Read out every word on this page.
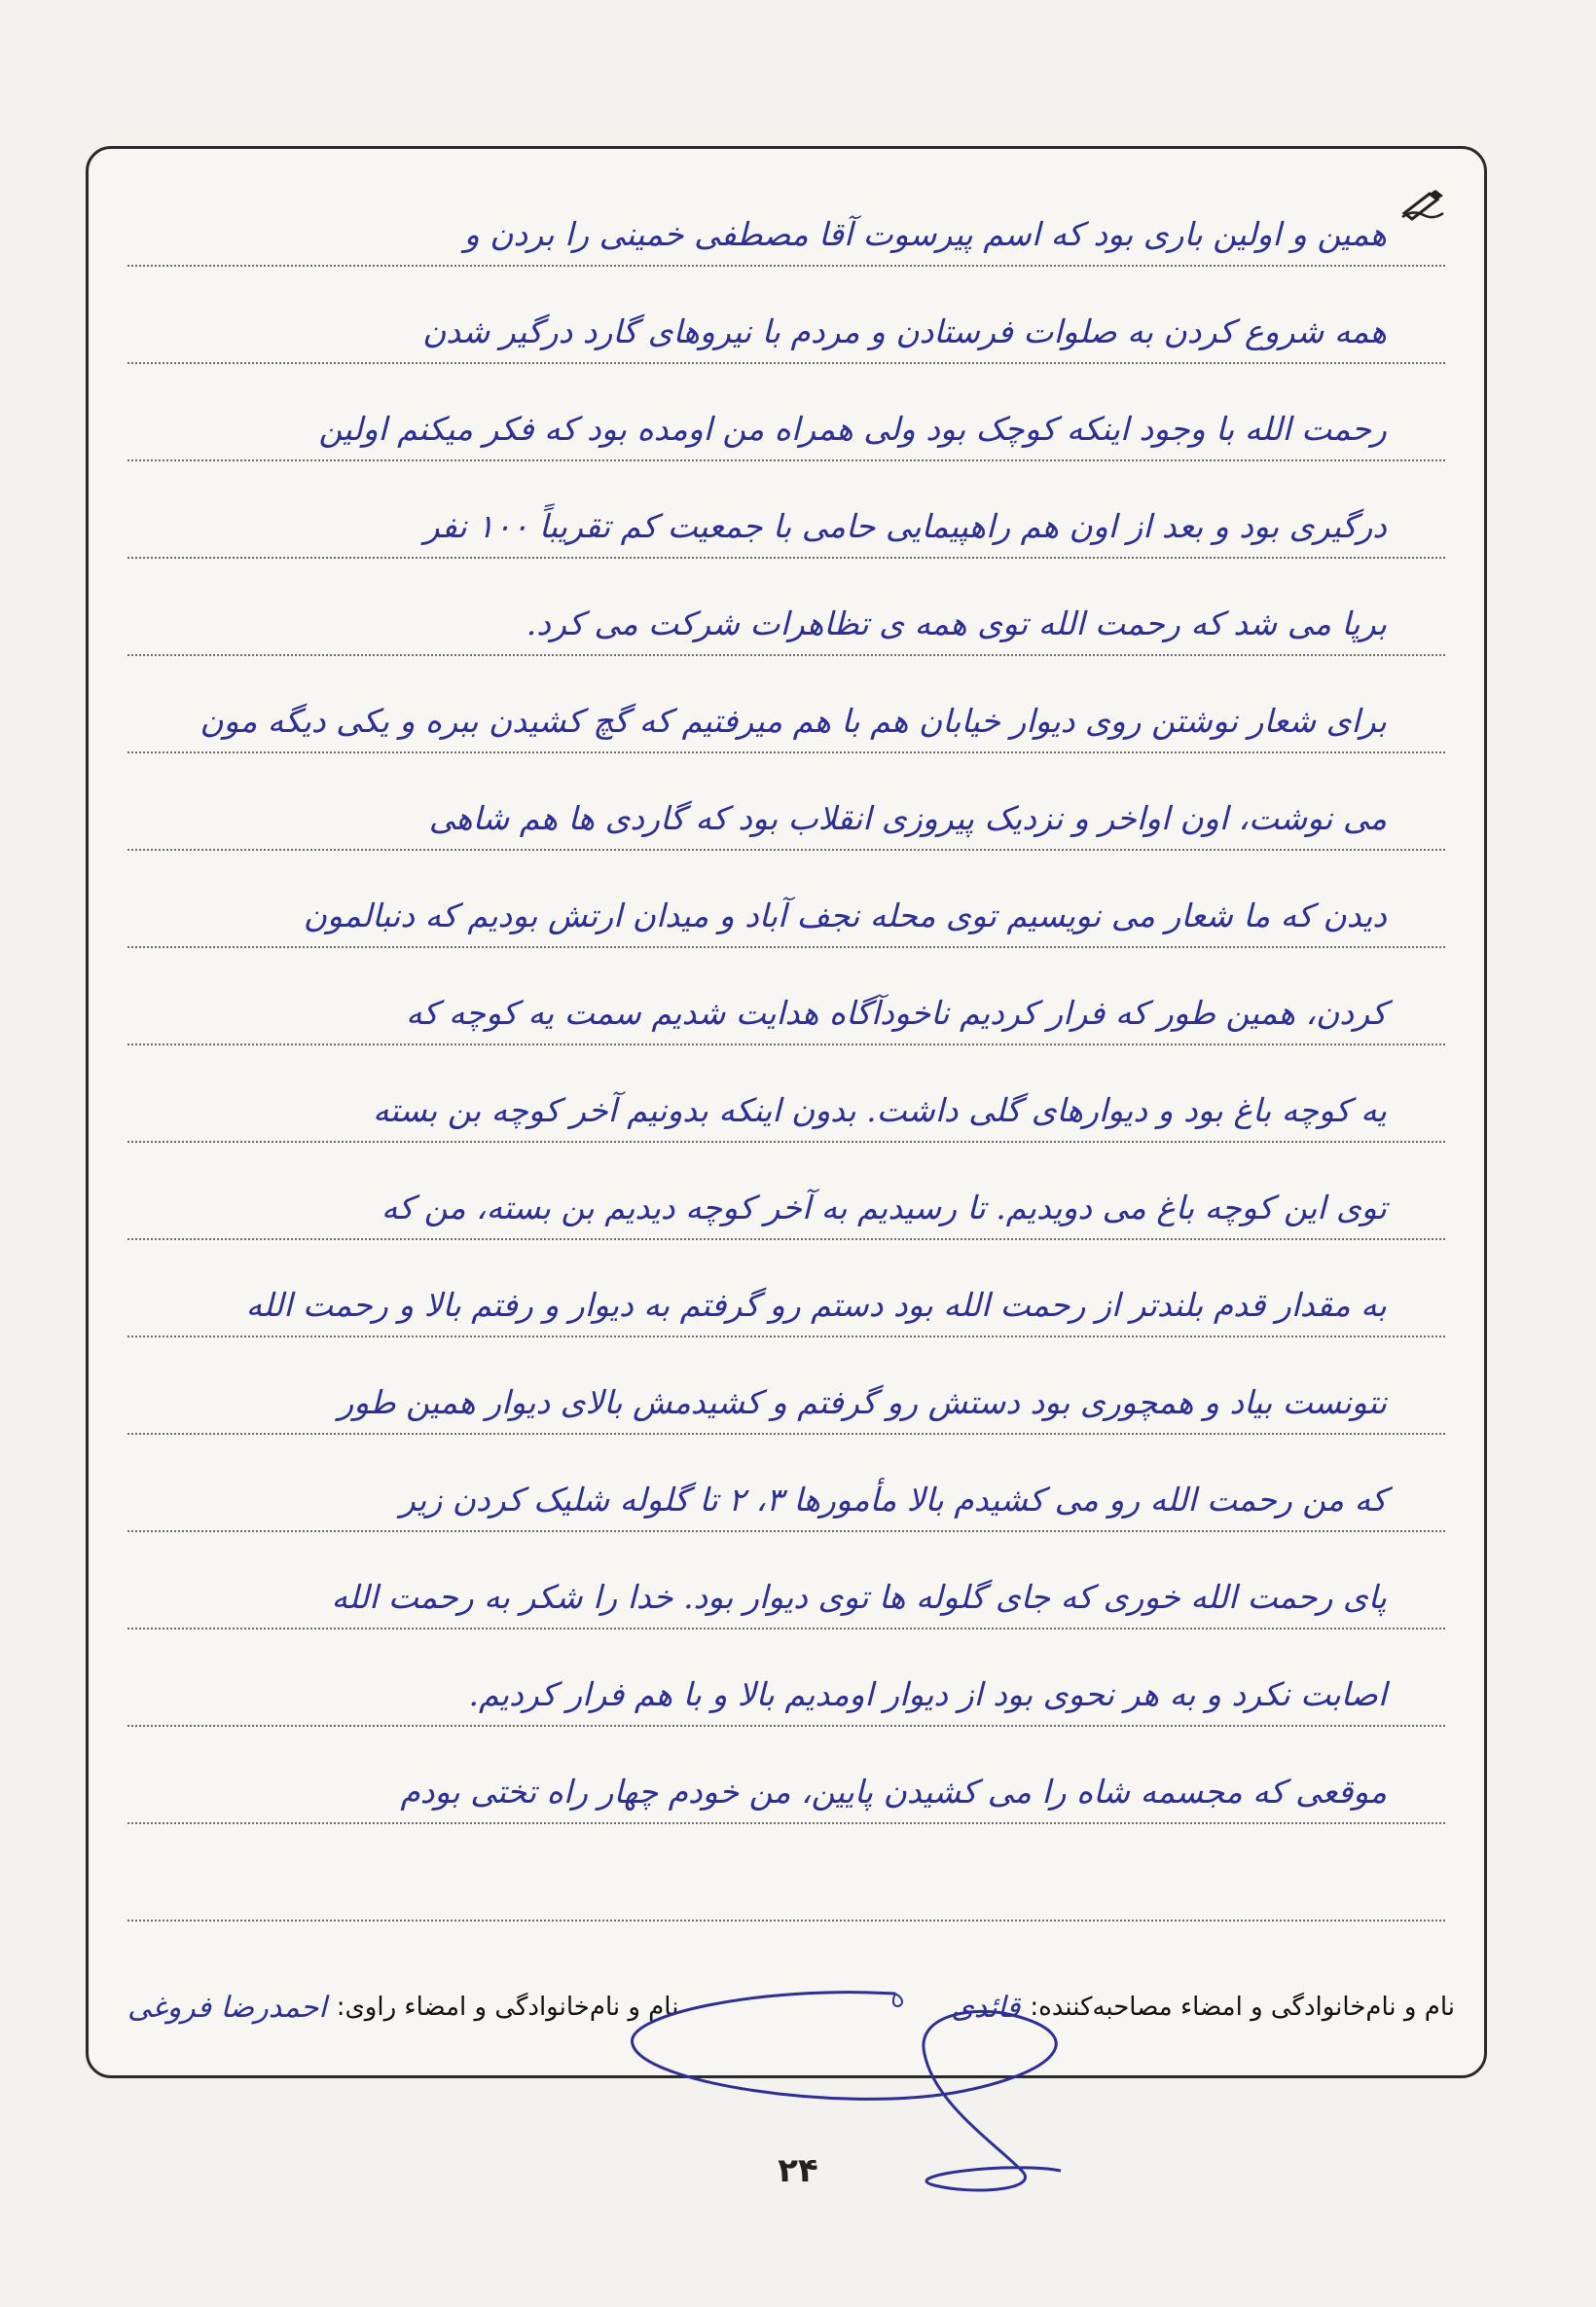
همین و اولین باری بود که اسم پیرسوت آقا مصطفی خمینی را بردن و
همه شروع کردن به صلوات فرستادن و مردم با نیروهای گارد درگیر شدن
رحمت الله با وجود اینکه کوچک بود ولی همراه من اومده بود که فکر میکنم اولین
درگیری بود و بعد از اون هم راهپیمایی حامی با جمعیت کم تقریباً ۱۰۰ نفر
برپا می شد که رحمت الله توی همه ی تظاهرات شرکت می کرد.
برای شعار نوشتن روی دیوار خیابان هم با هم میرفتیم که گچ کشیدن ببره و یکی دیگه مون
می نوشت، اون اواخر و نزدیک پیروزی انقلاب بود که گاردی ها هم شاهی
دیدن که ما شعار می نویسیم توی محله نجف آباد و میدان ارتش بودیم که دنبالمون
کردن، همین طور که فرار کردیم ناخودآگاه هدایت شدیم سمت یه کوچه که
یه کوچه باغ بود و دیوارهای گلی داشت. بدون اینکه بدونیم آخر کوچه بن بسته
توی این کوچه باغ می دویدیم. تا رسیدیم به آخر کوچه دیدیم بن بسته، من که
به مقدار قدم بلندتر از رحمت الله بود دستم رو گرفتم به دیوار و رفتم بالا و رحمت الله
نتونست بیاد و همچوری بود دستش رو گرفتم و کشیدمش بالای دیوار همین طور
که من رحمت الله رو می کشیدم بالا مأمورها ۳، ۲ تا گلوله شلیک کردن زیر
پای رحمت الله خوری که جای گلوله ها توی دیوار بود. خدا را شکر به رحمت الله
اصابت نکرد و به هر نحوی بود از دیوار اومدیم بالا و با هم فرار کردیم.
موقعی که مجسمه شاه را می کشیدن پایین، من خودم چهار راه تختی بودم
نام و نام‌خانوادگی و امضاء مصاحبه‌کننده:
قائدی
نام و نام‌خانوادگی و امضاء راوی:
احمدرضا فروغی
۲۴
